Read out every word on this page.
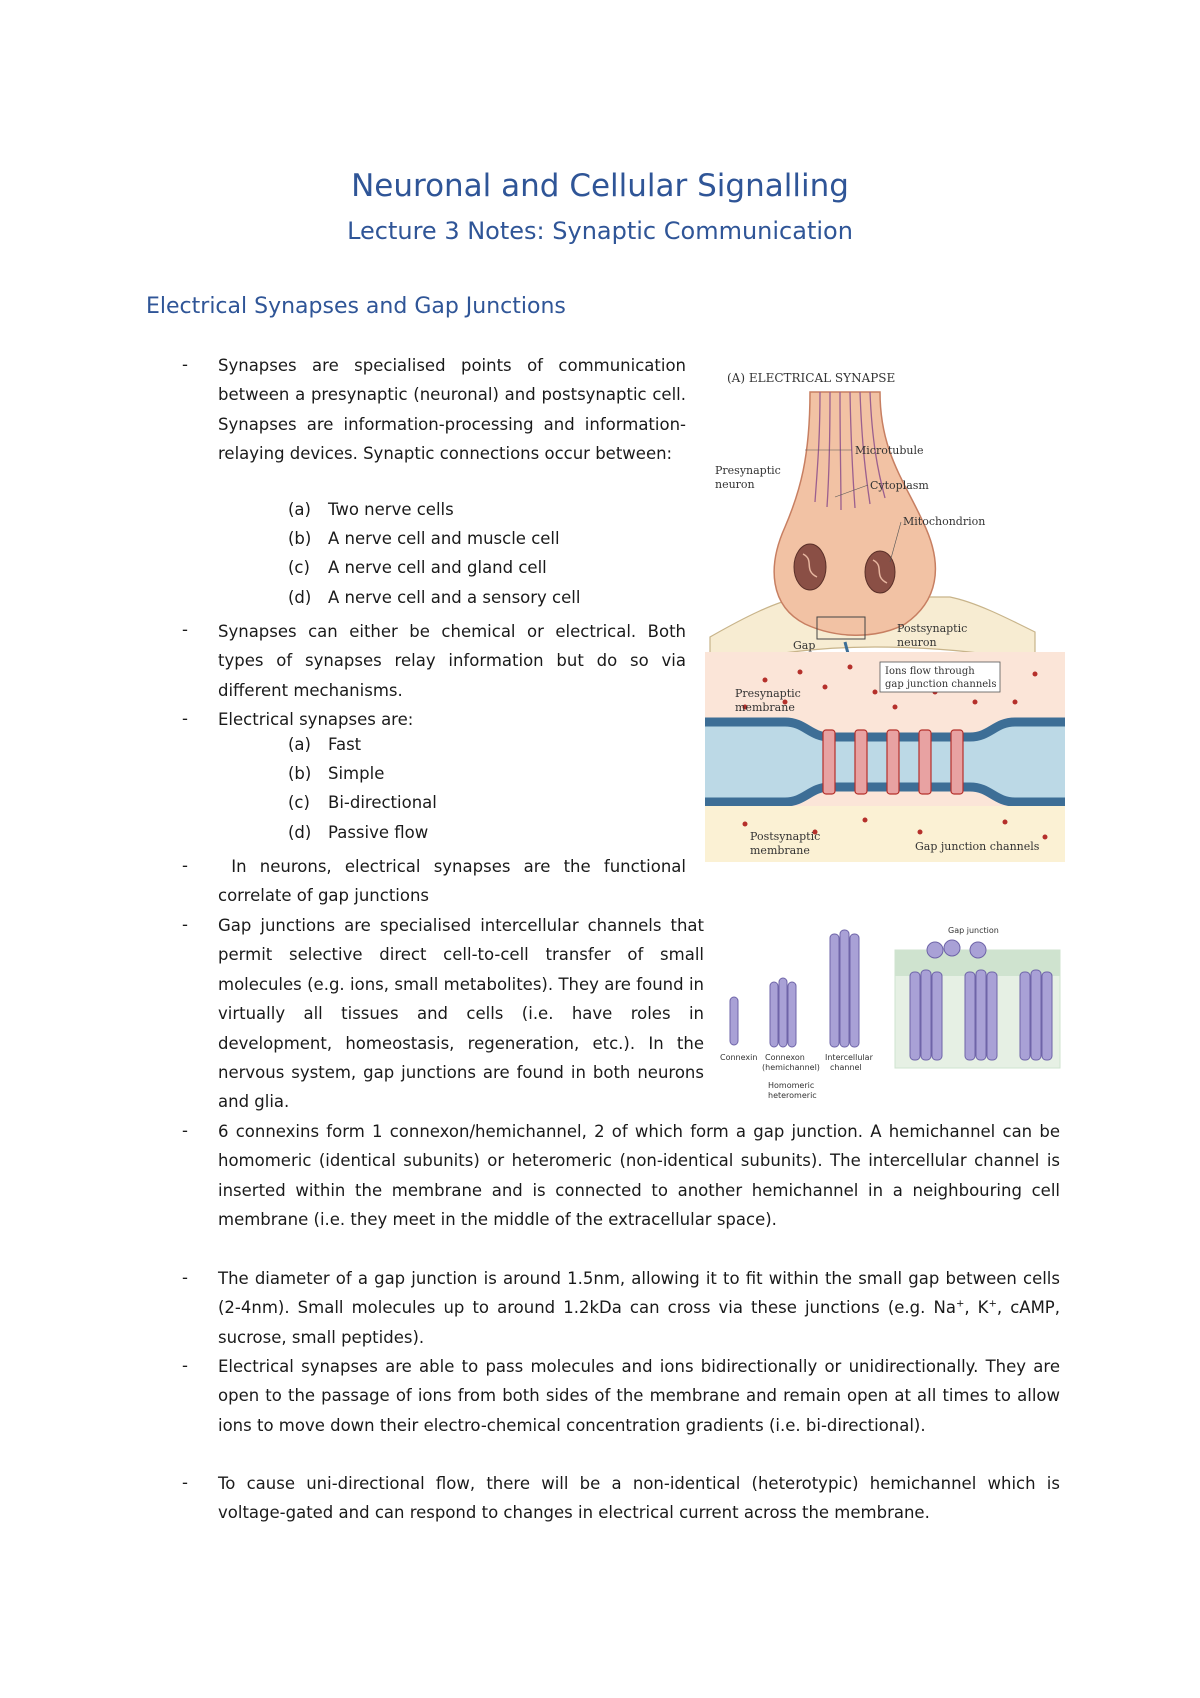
Neuronal and Cellular Signalling
Lecture 3 Notes: Synaptic Communication
Electrical Synapses and Gap Junctions
- Synapses are specialised points of communication between a presynaptic (neuronal) and postsynaptic cell. Synapses are information-processing and information-relaying devices. Synaptic connections occur between:

(a) Two nerve cells
(b) A nerve cell and muscle cell
(c) A nerve cell and gland cell
(d) A nerve cell and a sensory cell
- Synapses can either be chemical or electrical. Both types of synapses relay information but do so via different mechanisms.

- Electrical synapses are:

(a) Fast
(b) Simple
(c) Bi-directional
(d) Passive flow
- In neurons, electrical synapses are the functional correlate of gap junctions

- Gap junctions are specialised intercellular channels that permit selective direct cell-to-cell transfer of small molecules (e.g. ions, small metabolites). They are found in virtually all tissues and cells (i.e. have roles in development, homeostasis, regeneration, etc.). In the nervous system, gap junctions are found in both neurons and glia.

- 6 connexins form 1 connexon/hemichannel, 2 of which form a gap junction. A hemichannel can be homomeric (identical subunits) or heteromeric (non-identical subunits). The intercellular channel is inserted within the membrane and is connected to another hemichannel in a neighbouring cell membrane (i.e. they meet in the middle of the extracellular space).

- The diameter of a gap junction is around 1.5nm, allowing it to fit within the small gap between cells (2-4nm). Small molecules up to around 1.2kDa can cross via these junctions (e.g. Na+, K+, cAMP, sucrose, small peptides).

- Electrical synapses are able to pass molecules and ions bidirectionally or unidirectionally. They are open to the passage of ions from both sides of the membrane and remain open at all times to allow ions to move down their electro-chemical concentration gradients (i.e. bi-directional).

- To cause uni-directional flow, there will be a non-identical (heterotypic) hemichannel which is voltage-gated and can respond to changes in electrical current across the membrane.

(A) ELECTRICAL SYNAPSE
Microtubule
Cytoplasm
Mitochondrion
Presynaptic
neuron
Postsynaptic
neuron
Gap
Ions flow through
gap junction channels
Presynaptic
membrane
Postsynaptic
membrane	Gap junction channels
Gap junction
Connexin Connexon
(hemichannel)
Homomeric
heteromeric
Intercellular
channel
